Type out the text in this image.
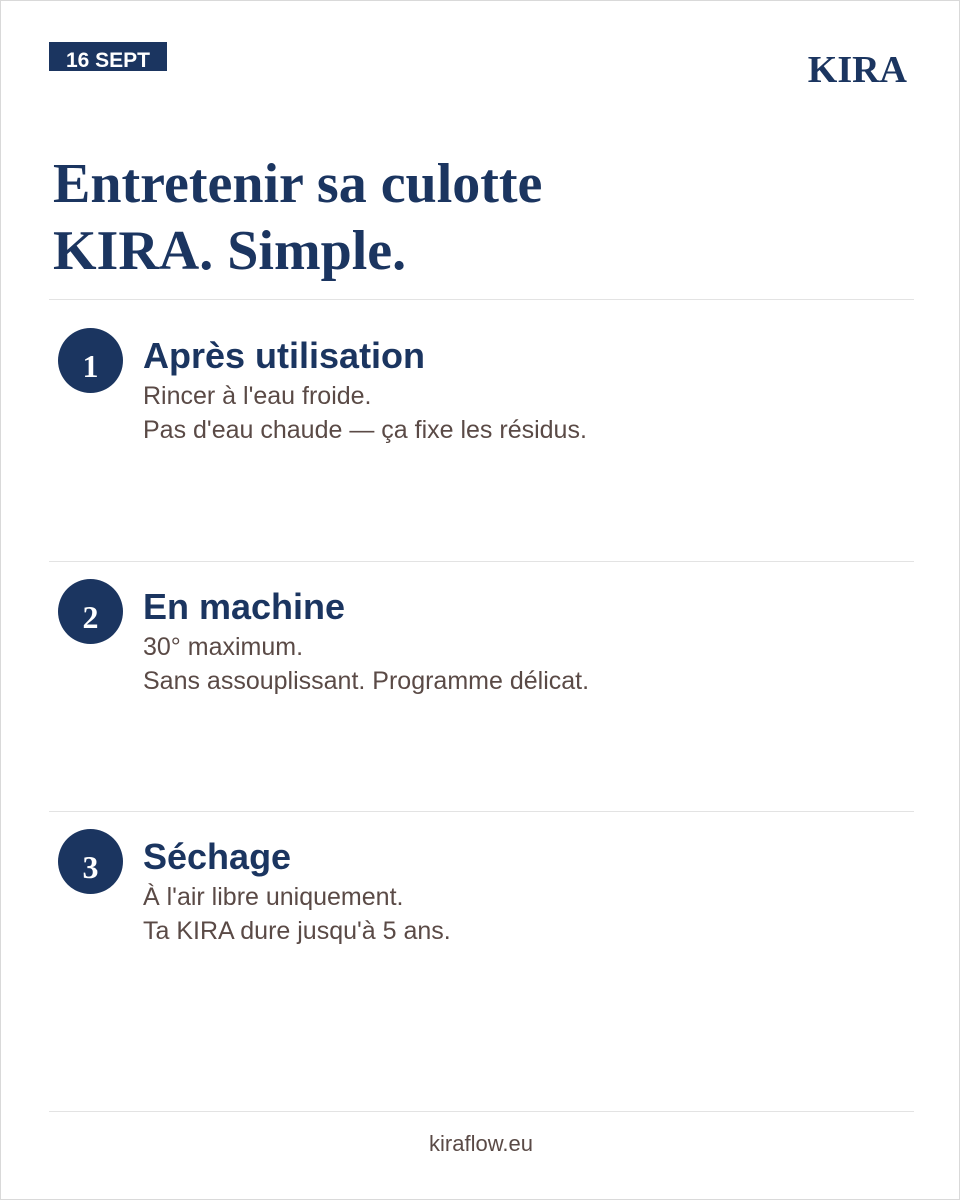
16 SEPT	KIRA
Entretenir sa culotte
KIRA. Simple.
1	Après utilisation
Rincer à l'eau froide.
Pas d'eau chaude — ça fixe les résidus.
2	En machine
30° maximum.
Sans assouplissant. Programme délicat.
3	Séchage
À l'air libre uniquement.
Ta KIRA dure jusqu'à 5 ans.
kiraflow.eu
